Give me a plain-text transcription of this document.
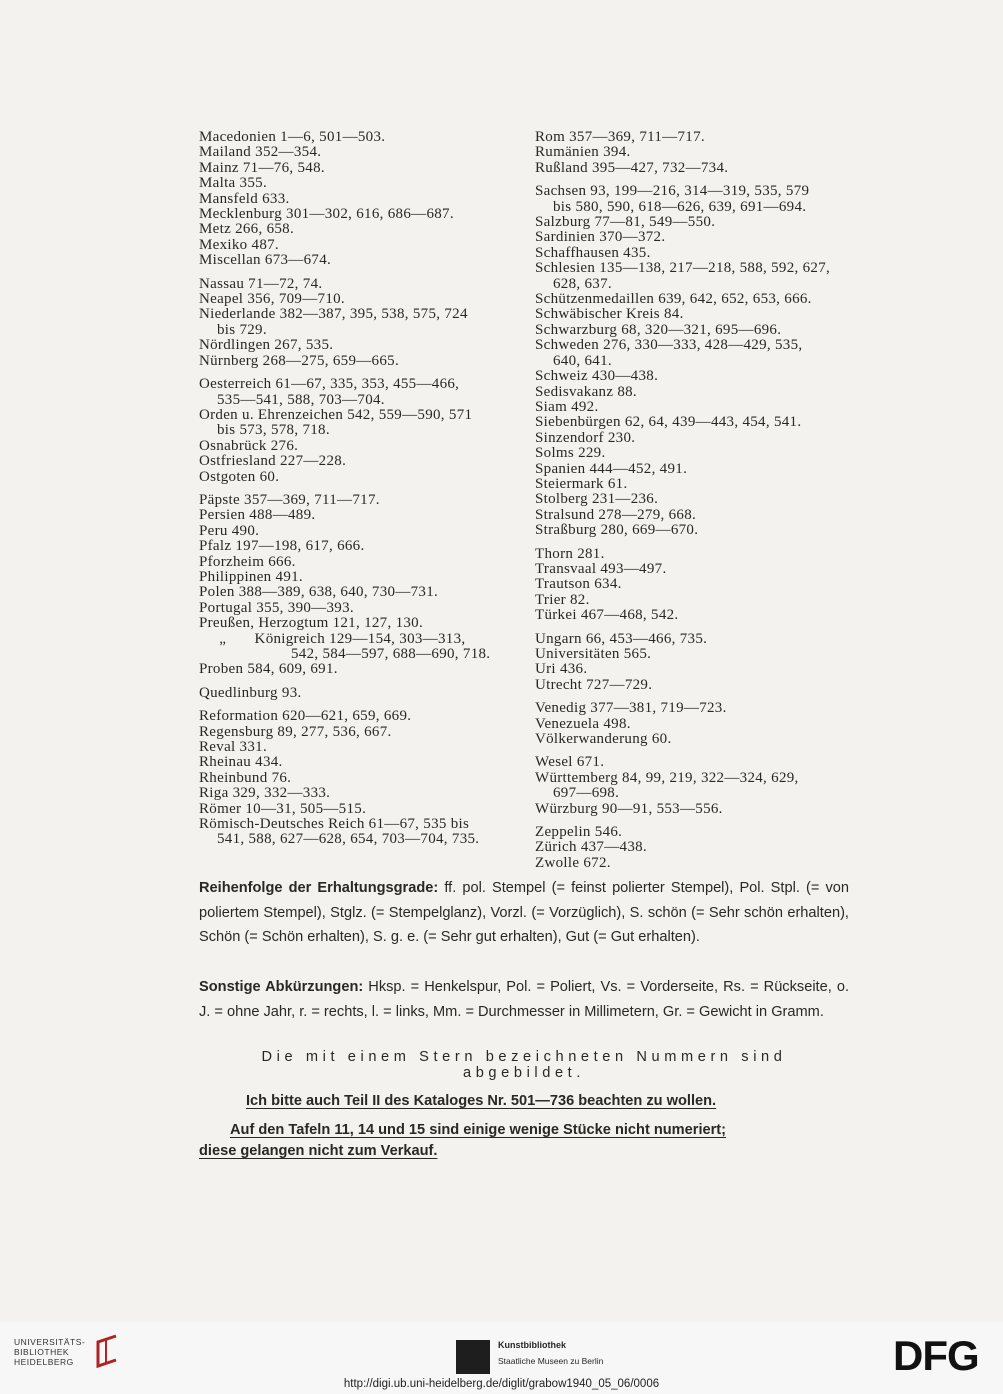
Macedonien 1—6, 501—503.
Mailand 352—354.
Mainz 71—76, 548.
Malta 355.
Mansfeld 633.
Mecklenburg 301—302, 616, 686—687.
Metz 266, 658.
Mexiko 487.
Miscellan 673—674.
Nassau 71—72, 74.
Neapel 356, 709—710.
Niederlande 382—387, 395, 538, 575, 724
bis 729.
Nördlingen 267, 535.
Nürnberg 268—275, 659—665.
Oesterreich 61—67, 335, 353, 455—466,
535—541, 588, 703—704.
Orden u. Ehrenzeichen 542, 559—590, 571
bis 573, 578, 718.
Osnabrück 276.
Ostfriesland 227—228.
Ostgoten 60.
Päpste 357—369, 711—717.
Persien 488—489.
Peru 490.
Pfalz 197—198, 617, 666.
Pforzheim 666.
Philippinen 491.
Polen 388—389, 638, 640, 730—731.
Portugal 355, 390—393.
Preußen, Herzogtum 121, 127, 130.
„       Königreich 129—154, 303—313,
542, 584—597, 688—690, 718.
Proben 584, 609, 691.
Quedlinburg 93.
Reformation 620—621, 659, 669.
Regensburg 89, 277, 536, 667.
Reval 331.
Rheinau 434.
Rheinbund 76.
Riga 329, 332—333.
Römer 10—31, 505—515.
Römisch-Deutsches Reich 61—67, 535 bis
541, 588, 627—628, 654, 703—704, 735.
Rom 357—369, 711—717.
Rumänien 394.
Rußland 395—427, 732—734.
Sachsen 93, 199—216, 314—319, 535, 579
bis 580, 590, 618—626, 639, 691—694.
Salzburg 77—81, 549—550.
Sardinien 370—372.
Schaffhausen 435.
Schlesien 135—138, 217—218, 588, 592, 627,
628, 637.
Schützenmedaillen 639, 642, 652, 653, 666.
Schwäbischer Kreis 84.
Schwarzburg 68, 320—321, 695—696.
Schweden 276, 330—333, 428—429, 535,
640, 641.
Schweiz 430—438.
Sedisvakanz 88.
Siam 492.
Siebenbürgen 62, 64, 439—443, 454, 541.
Sinzendorf 230.
Solms 229.
Spanien 444—452, 491.
Steiermark 61.
Stolberg 231—236.
Stralsund 278—279, 668.
Straßburg 280, 669—670.
Thorn 281.
Transvaal 493—497.
Trautson 634.
Trier 82.
Türkei 467—468, 542.
Ungarn 66, 453—466, 735.
Universitäten 565.
Uri 436.
Utrecht 727—729.
Venedig 377—381, 719—723.
Venezuela 498.
Völkerwanderung 60.
Wesel 671.
Württemberg 84, 99, 219, 322—324, 629,
697—698.
Würzburg 90—91, 553—556.
Zeppelin 546.
Zürich 437—438.
Zwolle 672.
Reihenfolge der Erhaltungsgrade: ff. pol. Stempel (= feinst polierter Stempel), Pol. Stpl. (= von poliertem Stempel), Stglz. (= Stempelglanz), Vorzl. (= Vorzüglich), S. schön (= Sehr schön erhalten), Schön (= Schön erhalten), S. g. e. (= Sehr gut erhalten), Gut (= Gut erhalten).
Sonstige Abkürzungen: Hksp. = Henkelspur, Pol. = Poliert, Vs. = Vorderseite, Rs. = Rückseite, o. J. = ohne Jahr, r. = rechts, l. = links, Mm. = Durchmesser in Millimetern, Gr. = Gewicht in Gramm.
Die mit einem Stern bezeichneten Nummern sind abgebildet.
Ich bitte auch Teil II des Kataloges Nr. 501—736 beachten zu wollen.
Auf den Tafeln 11, 14 und 15 sind einige wenige Stücke nicht numeriert;
diese gelangen nicht zum Verkauf.
UNIVERSITÄTS-
BIBLIOTHEK
HEIDELBERG
Kunstbibliothek
Staatliche Museen zu Berlin	DFG
http://digi.ub.uni-heidelberg.de/diglit/grabow1940_05_06/0006
